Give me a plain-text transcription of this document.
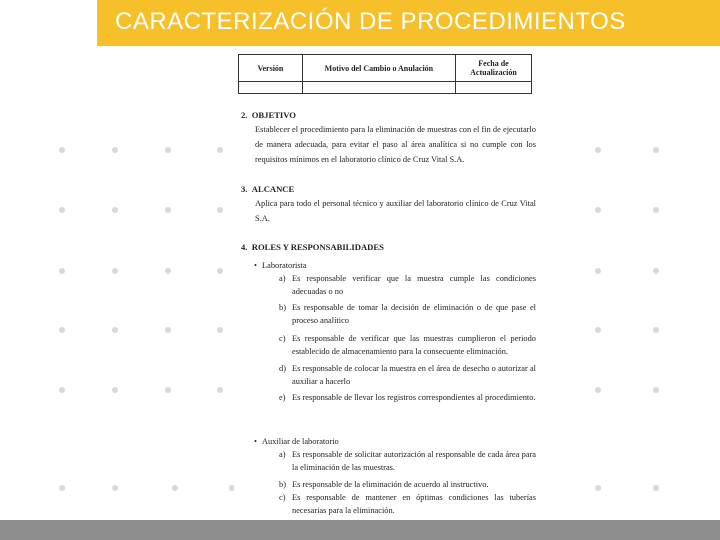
CARACTERIZACIÓN DE PROCEDIMIENTOS
Versión	Motivo del Cambio o Anulación	Fecha de Actualización

2. OBJETIVO
Establecer el procedimiento para la eliminación de muestras con el fin de ejecutarlo de manera adecuada, para evitar el paso al área analítica si no cumple con los requisitos mínimos en el laboratorio clínico de Cruz Vital S.A.
3. ALCANCE
Aplica para todo el personal técnico y auxiliar del laboratorio clínico de Cruz Vital S.A.
4. ROLES Y RESPONSABILIDADES
• Laboratorista
a) Es responsable verificar que la muestra cumple las condiciones adecuadas o no
b) Es responsable de tomar la decisión de eliminación o de que pase el proceso analítico
c) Es responsable de verificar que las muestras cumplieron el periodo establecido de almacenamiento para la consecuente eliminación.
d) Es responsable de colocar la muestra en el área de desecho o autorizar al auxiliar a hacerlo
e) Es responsable de llevar los registros correspondientes al procedimiento.
• Auxiliar de laboratorio
a) Es responsable de solicitar autorización al responsable de cada área para la eliminación de las muestras.
b) Es responsable de la eliminación de acuerdo al instructivo.
c) Es responsable de mantener en óptimas condiciones las tuberías necesarias para la eliminación.
